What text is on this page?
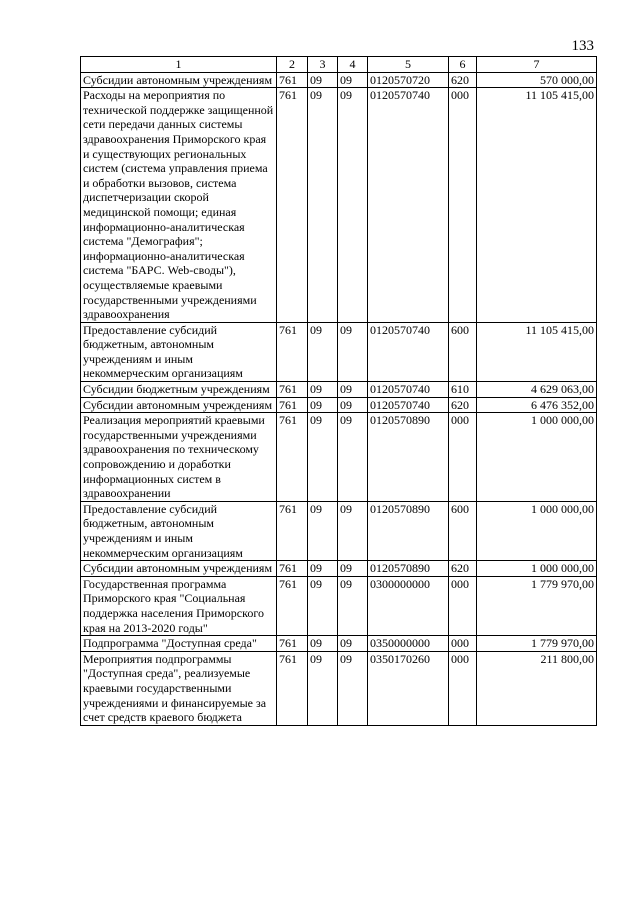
133
1	2	3	4	5	6	7
Субсидии автономным учреждениям	761	09	09	0120570720	620	570 000,00
Расходы на мероприятия по технической поддержке защищенной сети передачи данных системы здравоохранения Приморского края и существующих региональных систем (система управления приема и обработки вызовов, система диспетчеризации скорой медицинской помощи; единая информационно-аналитическая система "Демография"; информационно-аналитическая система "БАРС. Web-своды"), осуществляемые краевыми государственными учреждениями здравоохранения	761	09	09	0120570740	000	11 105 415,00
Предоставление субсидий бюджетным, автономным учреждениям и иным некоммерческим организациям	761	09	09	0120570740	600	11 105 415,00
Субсидии бюджетным учреждениям	761	09	09	0120570740	610	4 629 063,00
Субсидии автономным учреждениям	761	09	09	0120570740	620	6 476 352,00
Реализация мероприятий краевыми государственными учреждениями здравоохранения по техническому сопровождению и доработки информационных систем в здравоохранении	761	09	09	0120570890	000	1 000 000,00
Предоставление субсидий бюджетным, автономным учреждениям и иным некоммерческим организациям	761	09	09	0120570890	600	1 000 000,00
Субсидии автономным учреждениям	761	09	09	0120570890	620	1 000 000,00
Государственная программа Приморского края "Социальная поддержка населения Приморского края на 2013-2020 годы"	761	09	09	0300000000	000	1 779 970,00
Подпрограмма "Доступная среда"	761	09	09	0350000000	000	1 779 970,00
Мероприятия подпрограммы "Доступная среда", реализуемые краевыми государственными учреждениями и финансируемые за счет средств краевого бюджета	761	09	09	0350170260	000	211 800,00
